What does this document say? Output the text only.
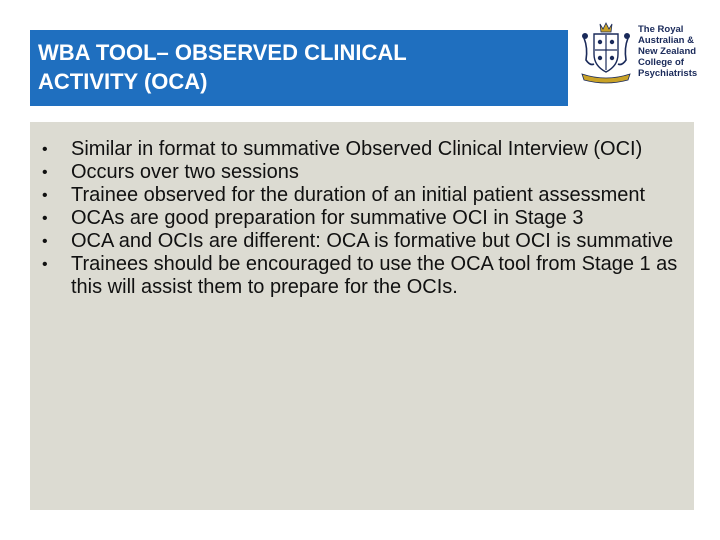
WBA TOOL– OBSERVED CLINICAL
ACTIVITY (OCA)

The Royal
Australian &
New Zealand
College of
Psychiatrists
•	Similar in format to summative Observed Clinical Interview (OCI)
•	Occurs over two sessions
•	Trainee observed for the duration of an initial patient assessment
•	OCAs are good preparation for summative OCI in Stage 3
•	OCA and OCIs are different: OCA is formative but OCI is summative
•	Trainees should be encouraged to use the OCA tool from Stage 1 as this will assist them to prepare for the OCIs.
